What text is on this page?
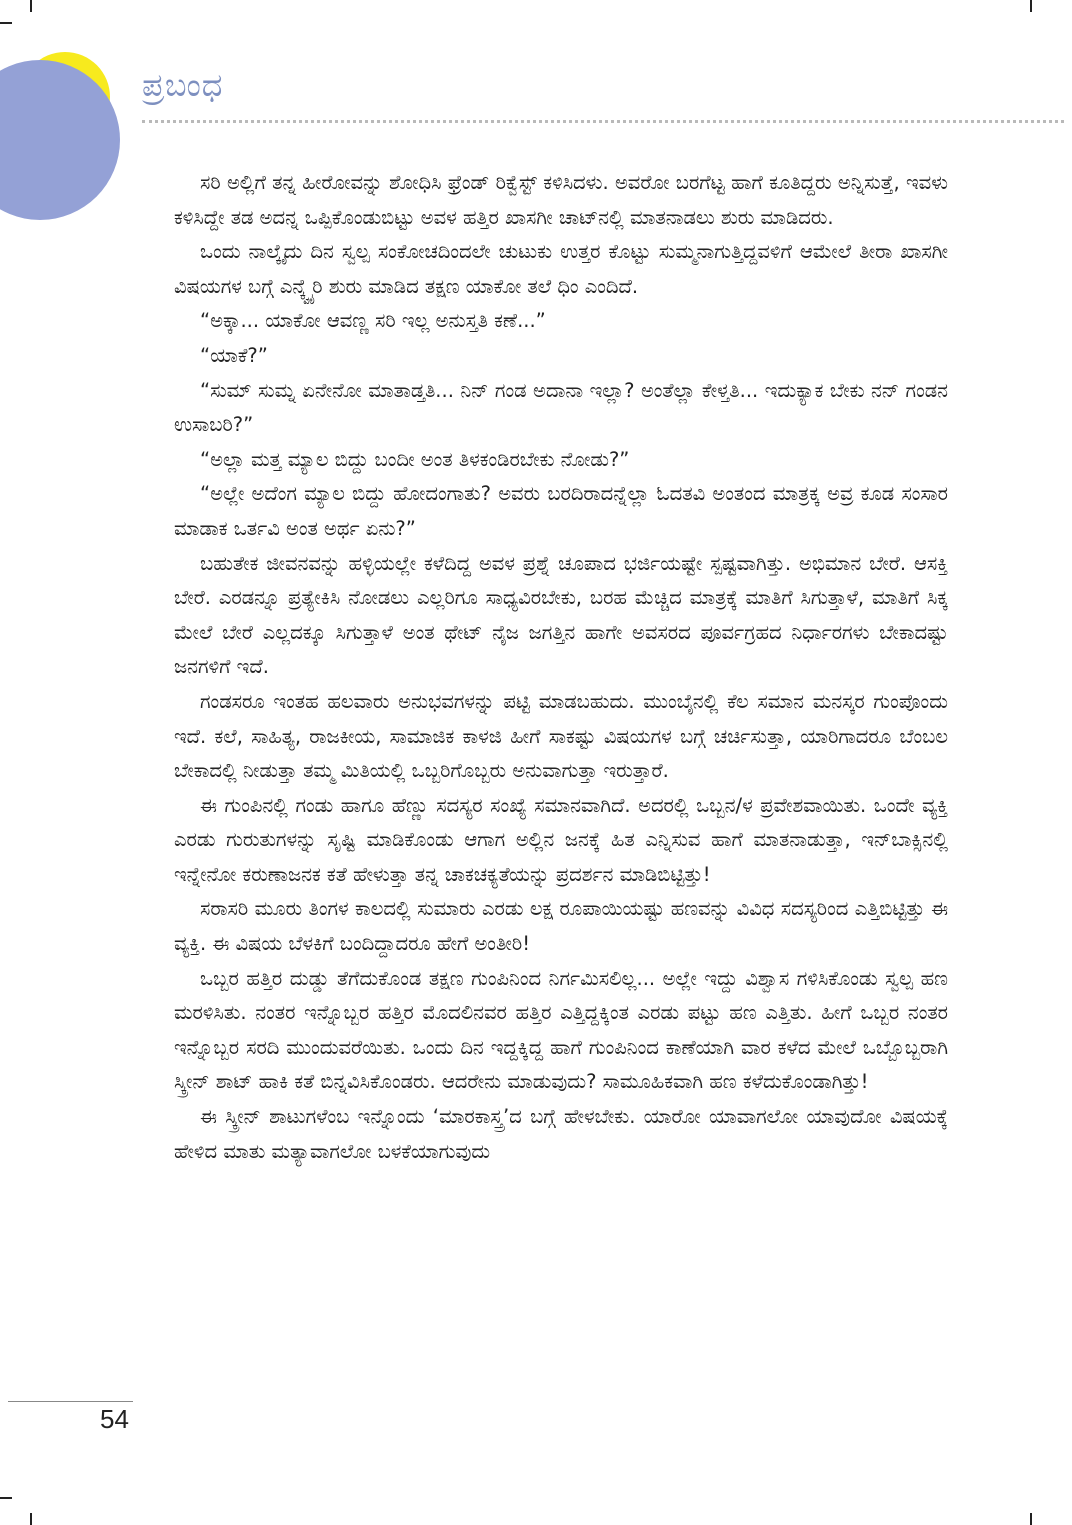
ಪ್ರಬಂಧ

ಸರಿ ಅಲ್ಲಿಗೆ ತನ್ನ ಹೀರೋವನ್ನು ಶೋಧಿಸಿ ಫ್ರೆಂಡ್ ರಿಕ್ವೆಸ್ಟ್ ಕಳಿಸಿದಳು. ಅವರೋ ಬರಗೆಟ್ಟ ಹಾಗೆ ಕೂತಿದ್ದರು ಅನ್ನಿಸುತ್ತೆ, ಇವಳು ಕಳಿಸಿದ್ದೇ ತಡ ಅದನ್ನ ಒಪ್ಪಿಕೊಂಡುಬಿಟ್ಟು ಅವಳ ಹತ್ತಿರ ಖಾಸಗೀ ಚಾಟ್‌ನಲ್ಲಿ ಮಾತನಾಡಲು ಶುರು ಮಾಡಿದರು.

ಒಂದು ನಾಲ್ಕೈದು ದಿನ ಸ್ವಲ್ಪ ಸಂಕೋಚದಿಂದಲೇ ಚುಟುಕು ಉತ್ತರ ಕೊಟ್ಟು ಸುಮ್ಮನಾಗುತ್ತಿದ್ದವಳಿಗೆ ಆಮೇಲೆ ತೀರಾ ಖಾಸಗೀ ವಿಷಯಗಳ ಬಗ್ಗೆ ಎನ್ಕ್ವೈರಿ ಶುರು ಮಾಡಿದ ತಕ್ಷಣ ಯಾಕೋ ತಲೆ ಧಿಂ ಎಂದಿದೆ.

“ಅಕ್ಕಾ... ಯಾಕೋ ಆವಣ್ಣ ಸರಿ ಇಲ್ಲ ಅನುಸ್ತತಿ ಕಣೆ...”

“ಯಾಕೆ?”

“ಸುಮ್ ಸುಮ್ನ ಏನೇನೋ ಮಾತಾಡ್ತತಿ... ನಿನ್ ಗಂಡ ಅದಾನಾ ಇಲ್ಲಾ? ಅಂತೆಲ್ಲಾ ಕೇಳ್ತತಿ... ಇದುಕ್ಯಾಕ ಬೇಕು ನನ್ ಗಂಡನ ಉಸಾಬರಿ?”

“ಅಲ್ಲಾ ಮತ್ತ ಮ್ಯಾಲ ಬಿದ್ದು ಬಂದೀ ಅಂತ ತಿಳಕಂಡಿರಬೇಕು ನೋಡು?”

“ಅಲ್ಲೇ ಅದೆಂಗ ಮ್ಯಾಲ ಬಿದ್ದು ಹೋದಂಗಾತು? ಅವರು ಬರದಿರಾದನ್ನೆಲ್ಲಾ ಓದತವಿ ಅಂತಂದ ಮಾತ್ರಕ್ಕ ಅವ್ರ ಕೂಡ ಸಂಸಾರ ಮಾಡಾಕ ಒರ್ತವಿ ಅಂತ ಅರ್ಥ ಏನು?”

ಬಹುತೇಕ ಜೀವನವನ್ನು ಹಳ್ಳಿಯಲ್ಲೇ ಕಳೆದಿದ್ದ ಅವಳ ಪ್ರಶ್ನೆ ಚೂಪಾದ ಭರ್ಜಿಯಷ್ಟೇ ಸ್ಪಷ್ಟವಾಗಿತ್ತು. ಅಭಿಮಾನ ಬೇರೆ. ಆಸಕ್ತಿ ಬೇರೆ. ಎರಡನ್ನೂ ಪ್ರತ್ಯೇಕಿಸಿ ನೋಡಲು ಎಲ್ಲರಿಗೂ ಸಾಧ್ಯವಿರಬೇಕು, ಬರಹ ಮೆಚ್ಚಿದ ಮಾತ್ರಕ್ಕೆ ಮಾತಿಗೆ ಸಿಗುತ್ತಾಳೆ, ಮಾತಿಗೆ ಸಿಕ್ಕ ಮೇಲೆ ಬೇರೆ ಎಲ್ಲದಕ್ಕೂ ಸಿಗುತ್ತಾಳೆ ಅಂತ ಥೇಟ್ ನೈಜ ಜಗತ್ತಿನ ಹಾಗೇ ಅವಸರದ ಪೂರ್ವಗ್ರಹದ ನಿರ್ಧಾರಗಳು ಬೇಕಾದಷ್ಟು ಜನಗಳಿಗೆ ಇದೆ.

ಗಂಡಸರೂ ಇಂತಹ ಹಲವಾರು ಅನುಭವಗಳನ್ನು ಪಟ್ಟಿ ಮಾಡಬಹುದು. ಮುಂಬೈನಲ್ಲಿ ಕೆಲ ಸಮಾನ ಮನಸ್ಕರ ಗುಂಪೊಂದು ಇದೆ. ಕಲೆ, ಸಾಹಿತ್ಯ, ರಾಜಕೀಯ, ಸಾಮಾಜಿಕ ಕಾಳಜಿ ಹೀಗೆ ಸಾಕಷ್ಟು ವಿಷಯಗಳ ಬಗ್ಗೆ ಚರ್ಚಿಸುತ್ತಾ, ಯಾರಿಗಾದರೂ ಬೆಂಬಲ ಬೇಕಾದಲ್ಲಿ ನೀಡುತ್ತಾ ತಮ್ಮ ಮಿತಿಯಲ್ಲಿ ಒಬ್ಬರಿಗೊಬ್ಬರು ಅನುವಾಗುತ್ತಾ ಇರುತ್ತಾರೆ.

ಈ ಗುಂಪಿನಲ್ಲಿ ಗಂಡು ಹಾಗೂ ಹೆಣ್ಣು ಸದಸ್ಯರ ಸಂಖ್ಯೆ ಸಮಾನವಾಗಿದೆ. ಅದರಲ್ಲಿ ಒಬ್ಬನ/ಳ ಪ್ರವೇಶವಾಯಿತು. ಒಂದೇ ವ್ಯಕ್ತಿ ಎರಡು ಗುರುತುಗಳನ್ನು ಸೃಷ್ಟಿ ಮಾಡಿಕೊಂಡು ಆಗಾಗ ಅಲ್ಲಿನ ಜನಕ್ಕೆ ಹಿತ ಎನ್ನಿಸುವ ಹಾಗೆ ಮಾತನಾಡುತ್ತಾ, ಇನ್‌ಬಾಕ್ಸಿನಲ್ಲಿ ಇನ್ನೇನೋ ಕರುಣಾಜನಕ ಕತೆ ಹೇಳುತ್ತಾ ತನ್ನ ಚಾಕಚಕ್ಯತೆಯನ್ನು ಪ್ರದರ್ಶನ ಮಾಡಿಬಿಟ್ಟಿತ್ತು!

ಸರಾಸರಿ ಮೂರು ತಿಂಗಳ ಕಾಲದಲ್ಲಿ ಸುಮಾರು ಎರಡು ಲಕ್ಷ ರೂಪಾಯಿಯಷ್ಟು ಹಣವನ್ನು ವಿವಿಧ ಸದಸ್ಯರಿಂದ ಎತ್ತಿಬಿಟ್ಟಿತ್ತು ಈ ವ್ಯಕ್ತಿ. ಈ ವಿಷಯ ಬೆಳಕಿಗೆ ಬಂದಿದ್ದಾದರೂ ಹೇಗೆ ಅಂತೀರಿ!

ಒಬ್ಬರ ಹತ್ತಿರ ದುಡ್ಡು ತೆಗೆದುಕೊಂಡ ತಕ್ಷಣ ಗುಂಪಿನಿಂದ ನಿರ್ಗಮಿಸಲಿಲ್ಲ... ಅಲ್ಲೇ ಇದ್ದು ವಿಶ್ವಾಸ ಗಳಿಸಿಕೊಂಡು ಸ್ವಲ್ಪ ಹಣ ಮರಳಿಸಿತು. ನಂತರ ಇನ್ನೊಬ್ಬರ ಹತ್ತಿರ ಮೊದಲಿನವರ ಹತ್ತಿರ ಎತ್ತಿದ್ದಕ್ಕಿಂತ ಎರಡು ಪಟ್ಟು ಹಣ ಎತ್ತಿತು. ಹೀಗೆ ಒಬ್ಬರ ನಂತರ ಇನ್ನೊಬ್ಬರ ಸರದಿ ಮುಂದುವರೆಯಿತು. ಒಂದು ದಿನ ಇದ್ದಕ್ಕಿದ್ದ ಹಾಗೆ ಗುಂಪಿನಿಂದ ಕಾಣೆಯಾಗಿ ವಾರ ಕಳೆದ ಮೇಲೆ ಒಬ್ಬೊಬ್ಬರಾಗಿ ಸ್ಕ್ರೀನ್ ಶಾಟ್ ಹಾಕಿ ಕತೆ ಬಿನ್ನವಿಸಿಕೊಂಡರು. ಆದರೇನು ಮಾಡುವುದು? ಸಾಮೂಹಿಕವಾಗಿ ಹಣ ಕಳೆದುಕೊಂಡಾಗಿತ್ತು!

ಈ ಸ್ಕ್ರೀನ್ ಶಾಟುಗಳೆಂಬ ಇನ್ನೊಂದು ‘ಮಾರಕಾಸ್ತ್ರ’ದ ಬಗ್ಗೆ ಹೇಳಬೇಕು. ಯಾರೋ ಯಾವಾಗಲೋ ಯಾವುದೋ ವಿಷಯಕ್ಕೆ ಹೇಳಿದ ಮಾತು ಮತ್ಯಾವಾಗಲೋ ಬಳಕೆಯಾಗುವುದು

54
